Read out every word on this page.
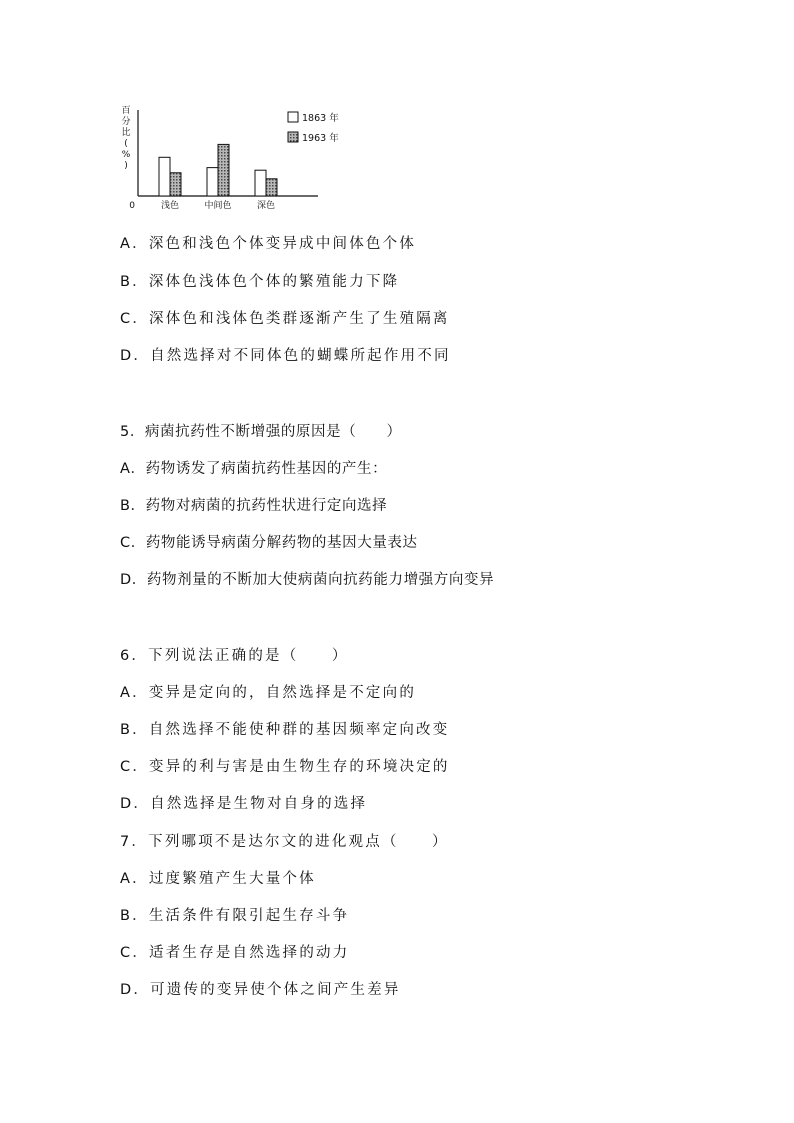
0
百
分
比
(
%
)
浅色	中间色	深色
1863 年
1963 年
A．深色和浅色个体变异成中间体色个体
B．深体色浅体色个体的繁殖能力下降
C．深体色和浅体色类群逐渐产生了生殖隔离
D．自然选择对不同体色的蝴蝶所起作用不同
5．病菌抗药性不断增强的原因是（　　）
A．药物诱发了病菌抗药性基因的产生：
B．药物对病菌的抗药性状进行定向选择
C．药物能诱导病菌分解药物的基因大量表达
D．药物剂量的不断加大使病菌向抗药能力增强方向变异
6．下列说法正确的是（　　）
A．变异是定向的，自然选择是不定向的
B．自然选择不能使种群的基因频率定向改变
C．变异的利与害是由生物生存的环境决定的
D．自然选择是生物对自身的选择
7．下列哪项不是达尔文的进化观点（　　）
A．过度繁殖产生大量个体
B．生活条件有限引起生存斗争
C．适者生存是自然选择的动力
D．可遗传的变异使个体之间产生差异
